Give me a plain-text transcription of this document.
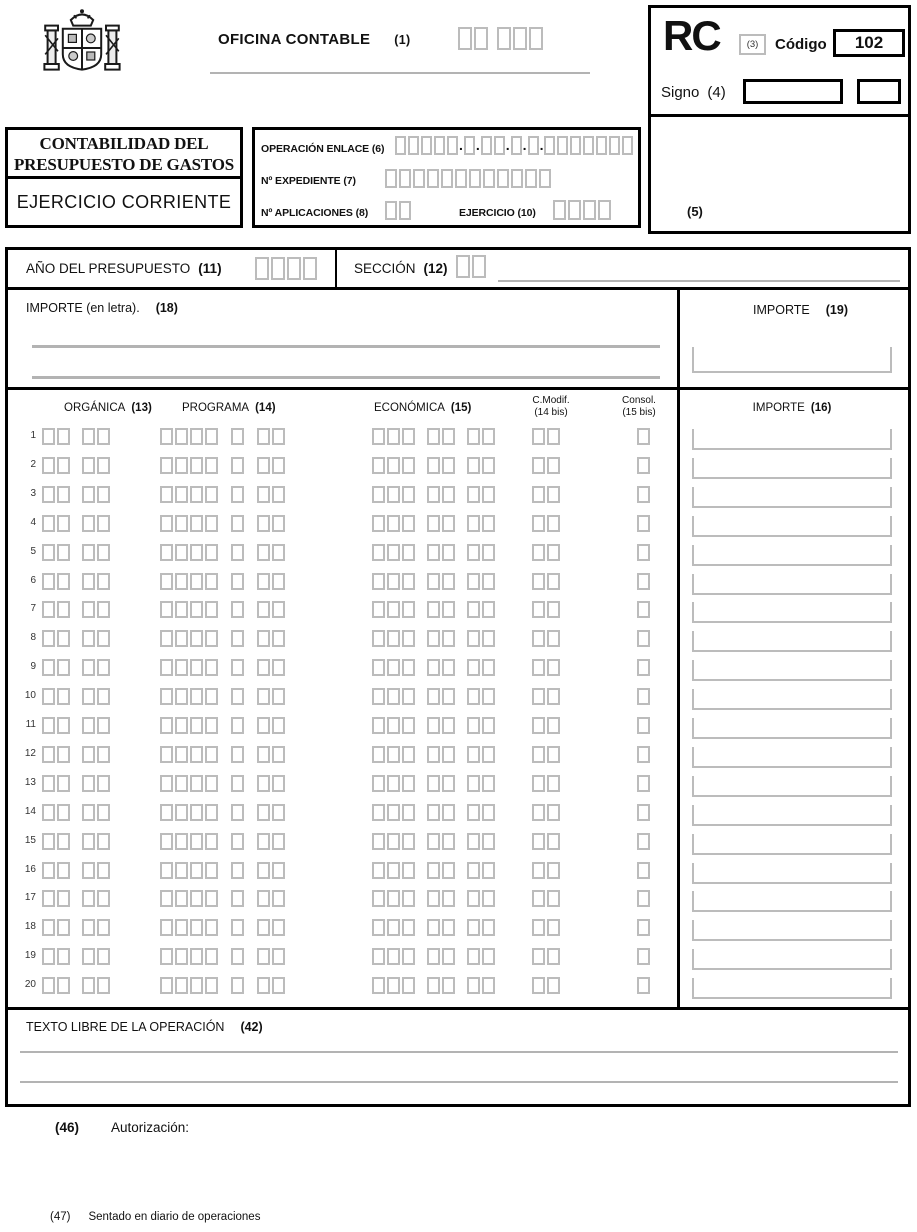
OFICINA CONTABLE (1)	RC	(3)	Código	102
Signo (4)
(5)
CONTABILIDAD DEL
PRESUPUESTO DE GASTOS
EJERCICIO CORRIENTE
OPERACIÓN ENLACE (6)	. . . . .
Nº EXPEDIENTE (7)
Nº APLICACIONES (8)	EJERCICIO (10)
AÑO DEL PRESUPUESTO (11)	SECCIÓN (12)
IMPORTE (en letra). (18)	IMPORTE (19)
ORGÁNICA (13)	PROGRAMA (14)	ECONÓMICA (15)
C.Modif.
(14 bis)
Consol.
(15 bis)	IMPORTE (16)
1
2
3
4
5
6
7
8
9
10
11
12
13
14
15
16
17
18
19
20
TEXTO LIBRE DE LA OPERACIÓN (42)
(46) Autorización:
(47) Sentado en diario de operaciones
